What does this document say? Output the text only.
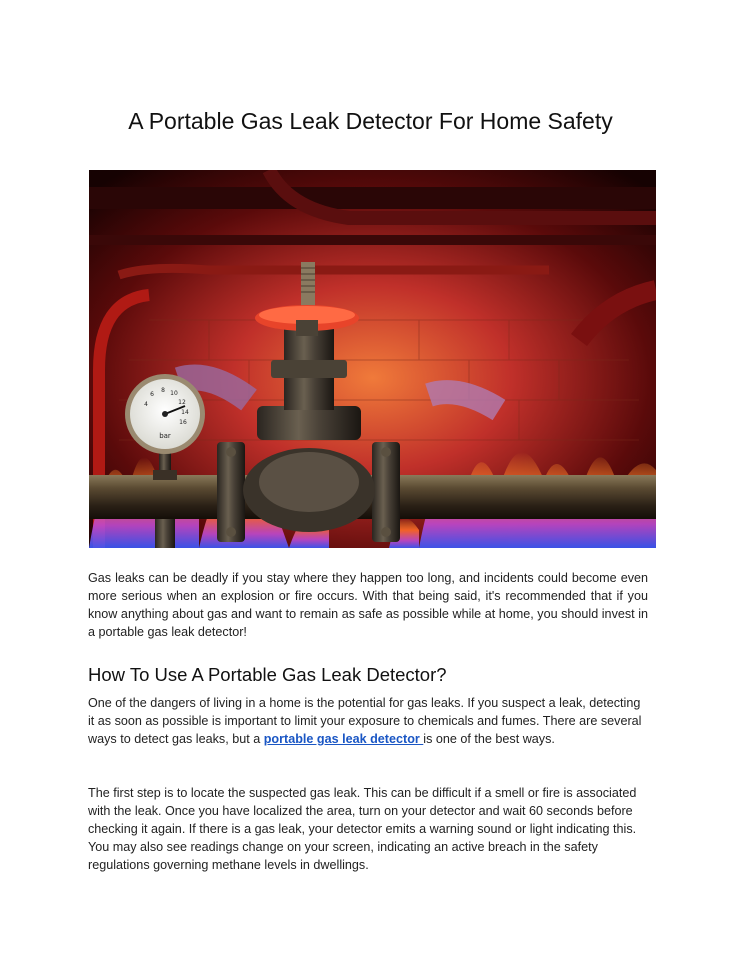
A Portable Gas Leak Detector For Home Safety
4
6
8 10
12
14
16
bar

Gas leaks can be deadly if you stay where they happen too long, and incidents could become even more serious when an explosion or fire occurs. With that being said, it's recommended that if you know anything about gas and want to remain as safe as possible while at home, you should invest in a portable gas leak detector!

How To Use A Portable Gas Leak Detector?

One of the dangers of living in a home is the potential for gas leaks. If you suspect a leak, detecting it as soon as possible is important to limit your exposure to chemicals and fumes. There are several ways to detect gas leaks, but a portable gas leak detector is one of the best ways.

The first step is to locate the suspected gas leak. This can be difficult if a smell or fire is associated with the leak. Once you have localized the area, turn on your detector and wait 60 seconds before checking it again. If there is a gas leak, your detector emits a warning sound or light indicating this. You may also see readings change on your screen, indicating an active breach in the safety regulations governing methane levels in dwellings.
